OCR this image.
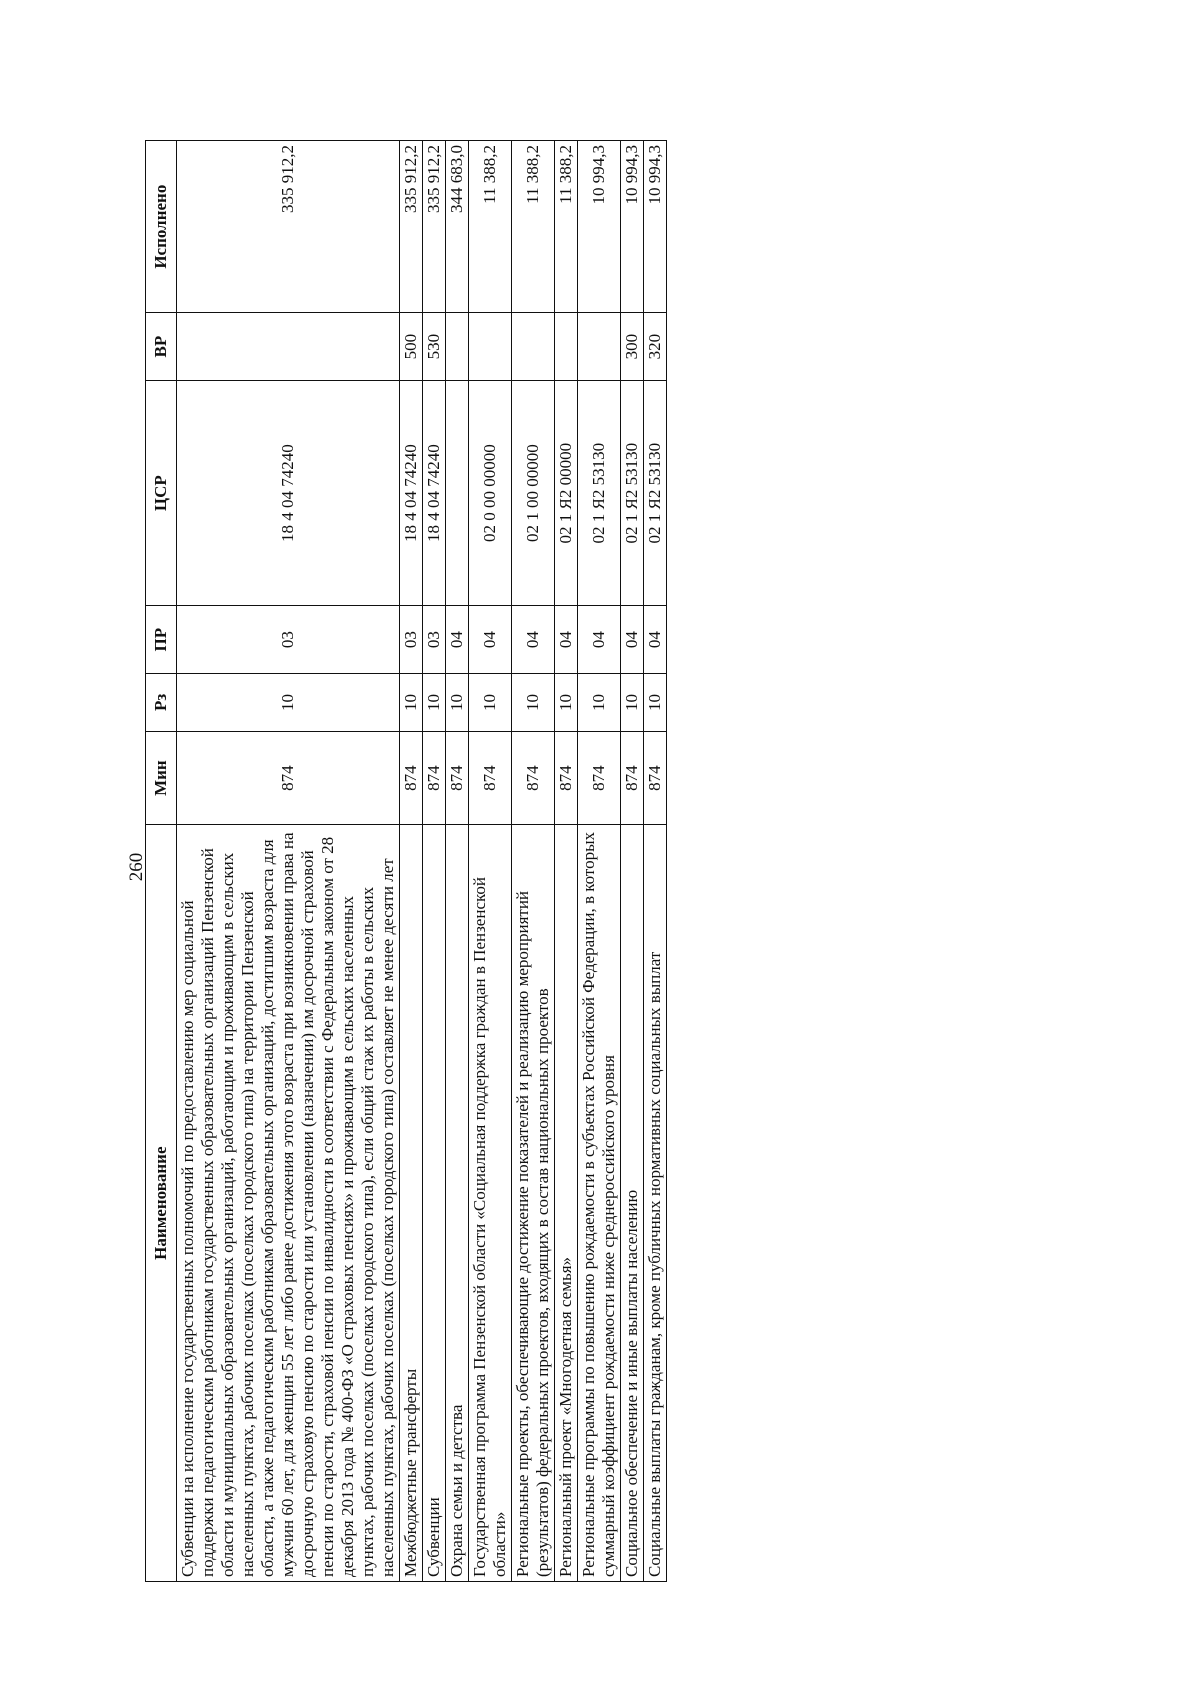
260
Наименование	Мин	Рз	ПР	ЦСР	ВР	Исполнено
Субвенции на исполнение государственных полномочий по предоставлению мер социальной поддержки педагогическим работникам государственных образовательных организаций Пензенской области и муниципальных образовательных организаций, работающим и проживающим в сельских населенных пунктах, рабочих поселках (поселках городского типа) на территории Пензенской области, а также педагогическим работникам образовательных организаций, достигшим возраста для мужчин 60 лет, для женщин 55 лет либо ранее достижения этого возраста при возникновении права на досрочную страховую пенсию по старости или установлении (назначении) им досрочной страховой пенсии по старости, страховой пенсии по инвалидности в соответствии с Федеральным законом от 28 декабря 2013 года № 400-ФЗ «О страховых пенсиях» и проживающим в сельских населенных пунктах, рабочих поселках (поселках городского типа), если общий стаж их работы в сельских населенных пунктах, рабочих поселках (поселках городского типа) составляет не менее десяти лет	874	10	03	18 4 04 74240		335 912,2
Межбюджетные трансферты	874	10	03	18 4 04 74240	500	335 912,2
Субвенции	874	10	03	18 4 04 74240	530	335 912,2
Охрана семьи и детства	874	10	04			344 683,0
Государственная программа Пензенской области «Социальная поддержка граждан в Пензенской области»	874	10	04	02 0 00 00000		11 388,2
Региональные проекты, обеспечивающие достижение показателей и реализацию мероприятий (результатов) федеральных проектов, входящих в состав национальных проектов	874	10	04	02 1 00 00000		11 388,2
Региональный проект «Многодетная семья»	874	10	04	02 1 Я2 00000		11 388,2
Региональные программы по повышению рождаемости в субъектах Российской Федерации, в которых суммарный коэффициент рождаемости ниже среднероссийского уровня	874	10	04	02 1 Я2 53130		10 994,3
Социальное обеспечение и иные выплаты населению	874	10	04	02 1 Я2 53130	300	10 994,3
Социальные выплаты гражданам, кроме публичных нормативных социальных выплат	874	10	04	02 1 Я2 53130	320	10 994,3
